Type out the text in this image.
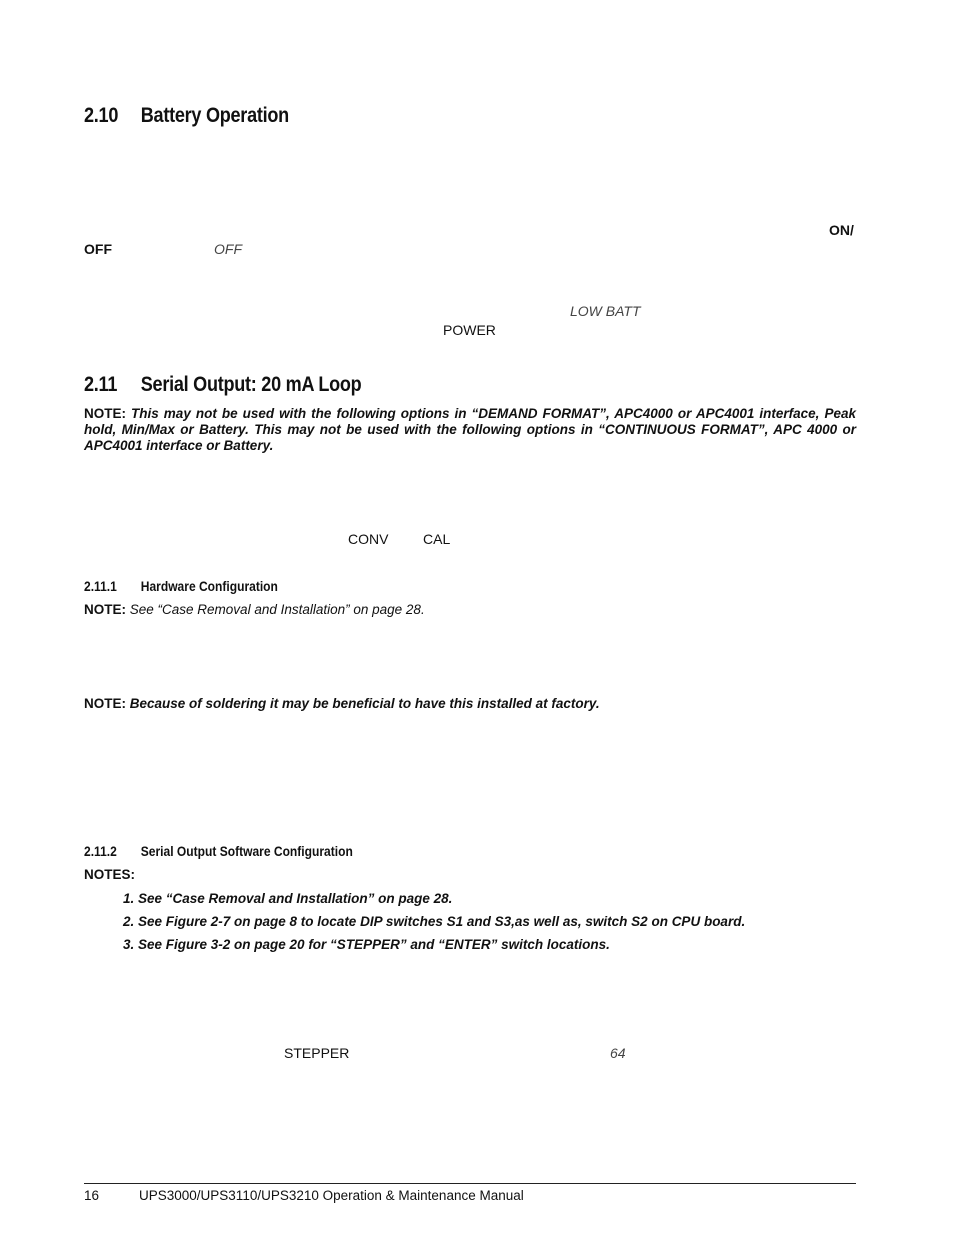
2.10 Battery Operation
ON/
OFF	OFF
LOW BATT
POWER
2.11 Serial Output: 20 mA Loop
NOTE: This may not be used with the following options in “DEMAND FORMAT”, APC4000 or APC4001 interface, Peak hold, Min/Max or Battery. This may not be used with the following options in “CONTINUOUS FORMAT”, APC 4000 or APC4001 interface or Battery.
CONV CAL
2.11.1 Hardware Configuration
NOTE: See “Case Removal and Installation” on page 28.
NOTE: Because of soldering it may be beneficial to have this installed at factory.
2.11.2 Serial Output Software Configuration
NOTES:
1. See “Case Removal and Installation” on page 28.
2. See Figure 2-7 on page 8 to locate DIP switches S1 and S3,as well as, switch S2 on CPU board.
3. See Figure 3-2 on page 20 for “STEPPER” and “ENTER” switch locations.
STEPPER	64
16	UPS3000/UPS3110/UPS3210 Operation & Maintenance Manual
